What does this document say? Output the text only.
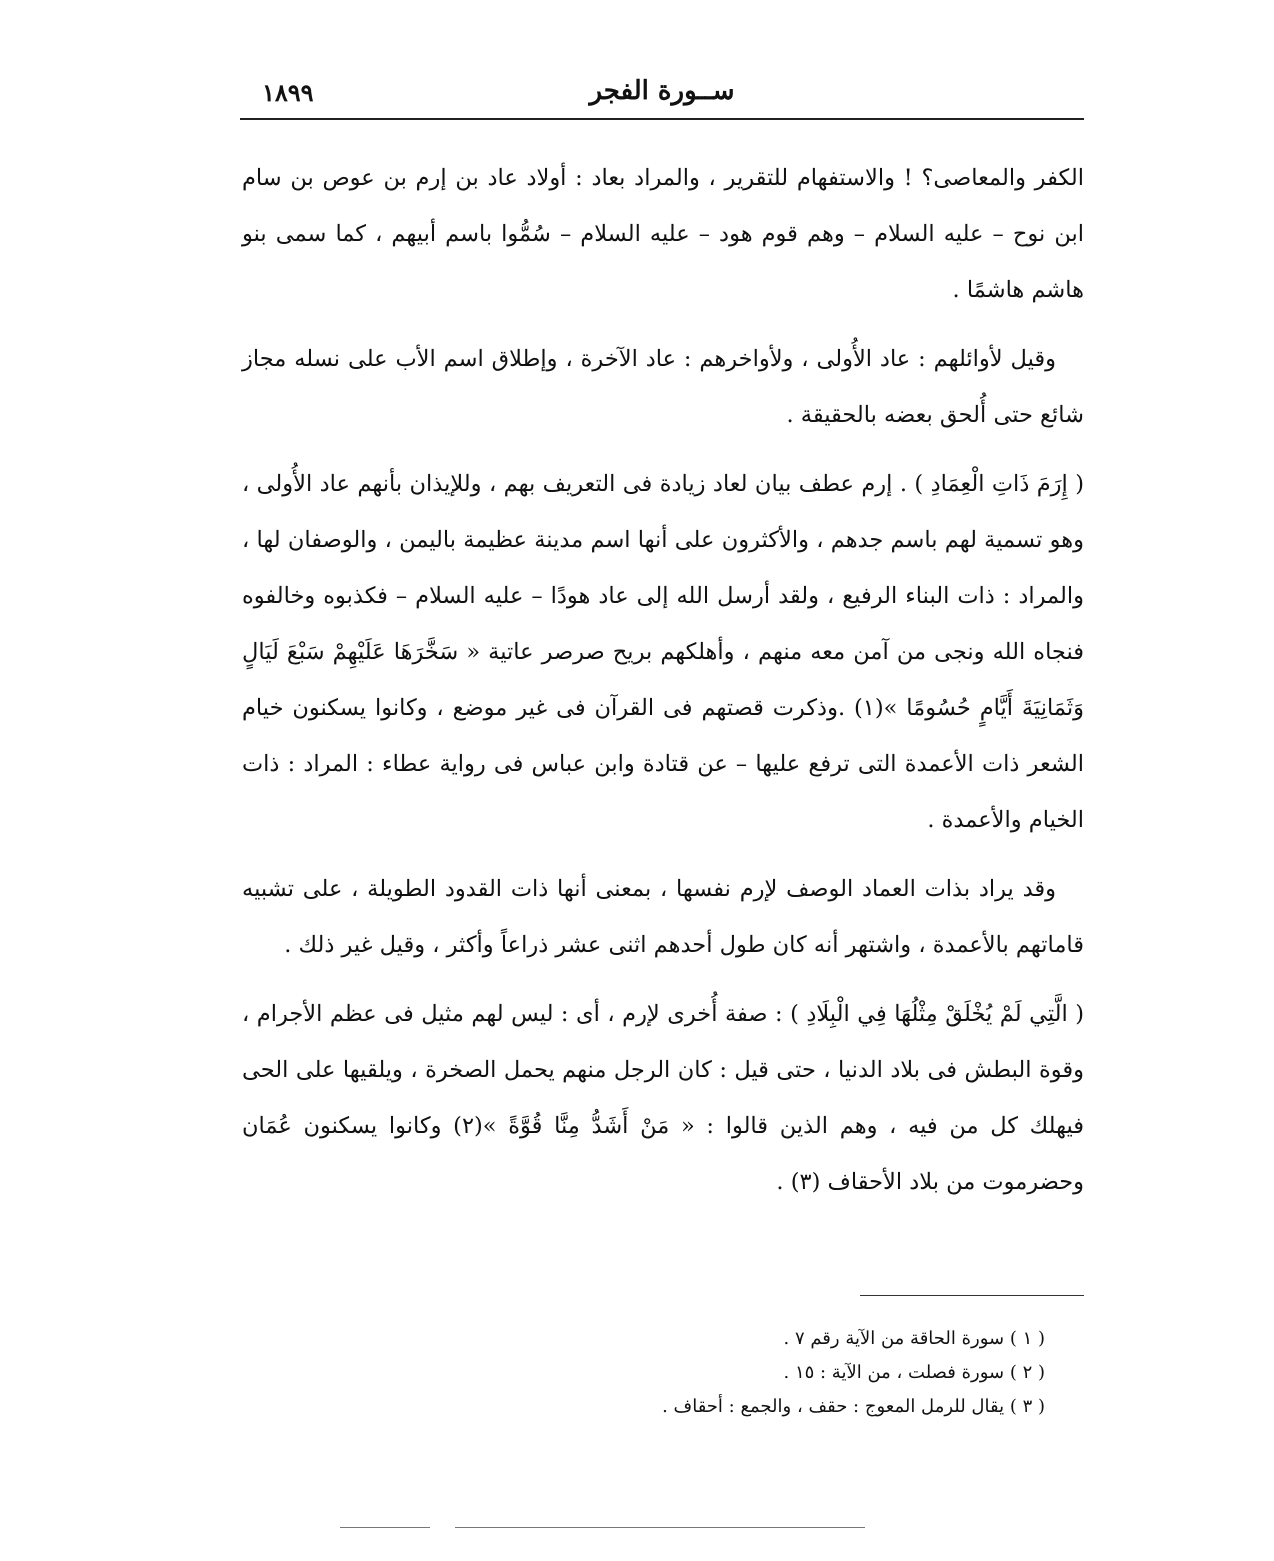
ســورة الفجر
١٨٩٩

الكفر والمعاصى؟ ! والاستفهام للتقرير ، والمراد بعاد : أولاد عاد بن إرم بن عوص بن سام ابن نوح – عليه السلام – وهم قوم هود – عليه السلام – سُمُّوا باسم أبيهم ، كما سمى بنو هاشم هاشمًا .

وقيل لأوائلهم : عاد الأُولى ، ولأواخرهم : عاد الآخرة ، وإطلاق اسم الأب على نسله مجاز شائع حتى أُلحق بعضه بالحقيقة .

( إِرَمَ ذَاتِ الْعِمَادِ ) . إرم عطف بيان لعاد زيادة فى التعريف بهم ، وللإيذان بأنهم عاد الأُولى ، وهو تسمية لهم باسم جدهم ، والأكثرون على أنها اسم مدينة عظيمة باليمن ، والوصفان لها ، والمراد : ذات البناء الرفيع ، ولقد أرسل الله إلى عاد هودًا – عليه السلام – فكذبوه وخالفوه فنجاه الله ونجى من آمن معه منهم ، وأهلكهم بريح صرصر عاتية « سَخَّرَهَا عَلَيْهِمْ سَبْعَ لَيَالٍ وَثَمَانِيَةَ أَيَّامٍ حُسُومًا »(١) .وذكرت قصتهم فى القرآن فى غير موضع ، وكانوا يسكنون خيام الشعر ذات الأعمدة التى ترفع عليها – عن قتادة وابن عباس فى رواية عطاء : المراد : ذات الخيام والأعمدة .

وقد يراد بذات العماد الوصف لإرم نفسها ، بمعنى أنها ذات القدود الطويلة ، على تشبيه قاماتهم بالأعمدة ، واشتهر أنه كان طول أحدهم اثنى عشر ذراعاً وأكثر ، وقيل غير ذلك .

( الَّتِي لَمْ يُخْلَقْ مِثْلُهَا فِي الْبِلَادِ ) : صفة أُخرى لإرم ، أى : ليس لهم مثيل فى عظم الأجرام ، وقوة البطش فى بلاد الدنيا ، حتى قيل : كان الرجل منهم يحمل الصخرة ، ويلقيها على الحى فيهلك كل من فيه ، وهم الذين قالوا : « مَنْ أَشَدُّ مِنَّا قُوَّةً »(٢) وكانوا يسكنون عُمَان وحضرموت من بلاد الأحقاف (٣) .

( ١ ) سورة الحاقة من الآية رقم ٧ .

( ٢ ) سورة فصلت ، من الآية : ١٥ .

( ٣ ) يقال للرمل المعوج : حقف ، والجمع : أحقاف .
